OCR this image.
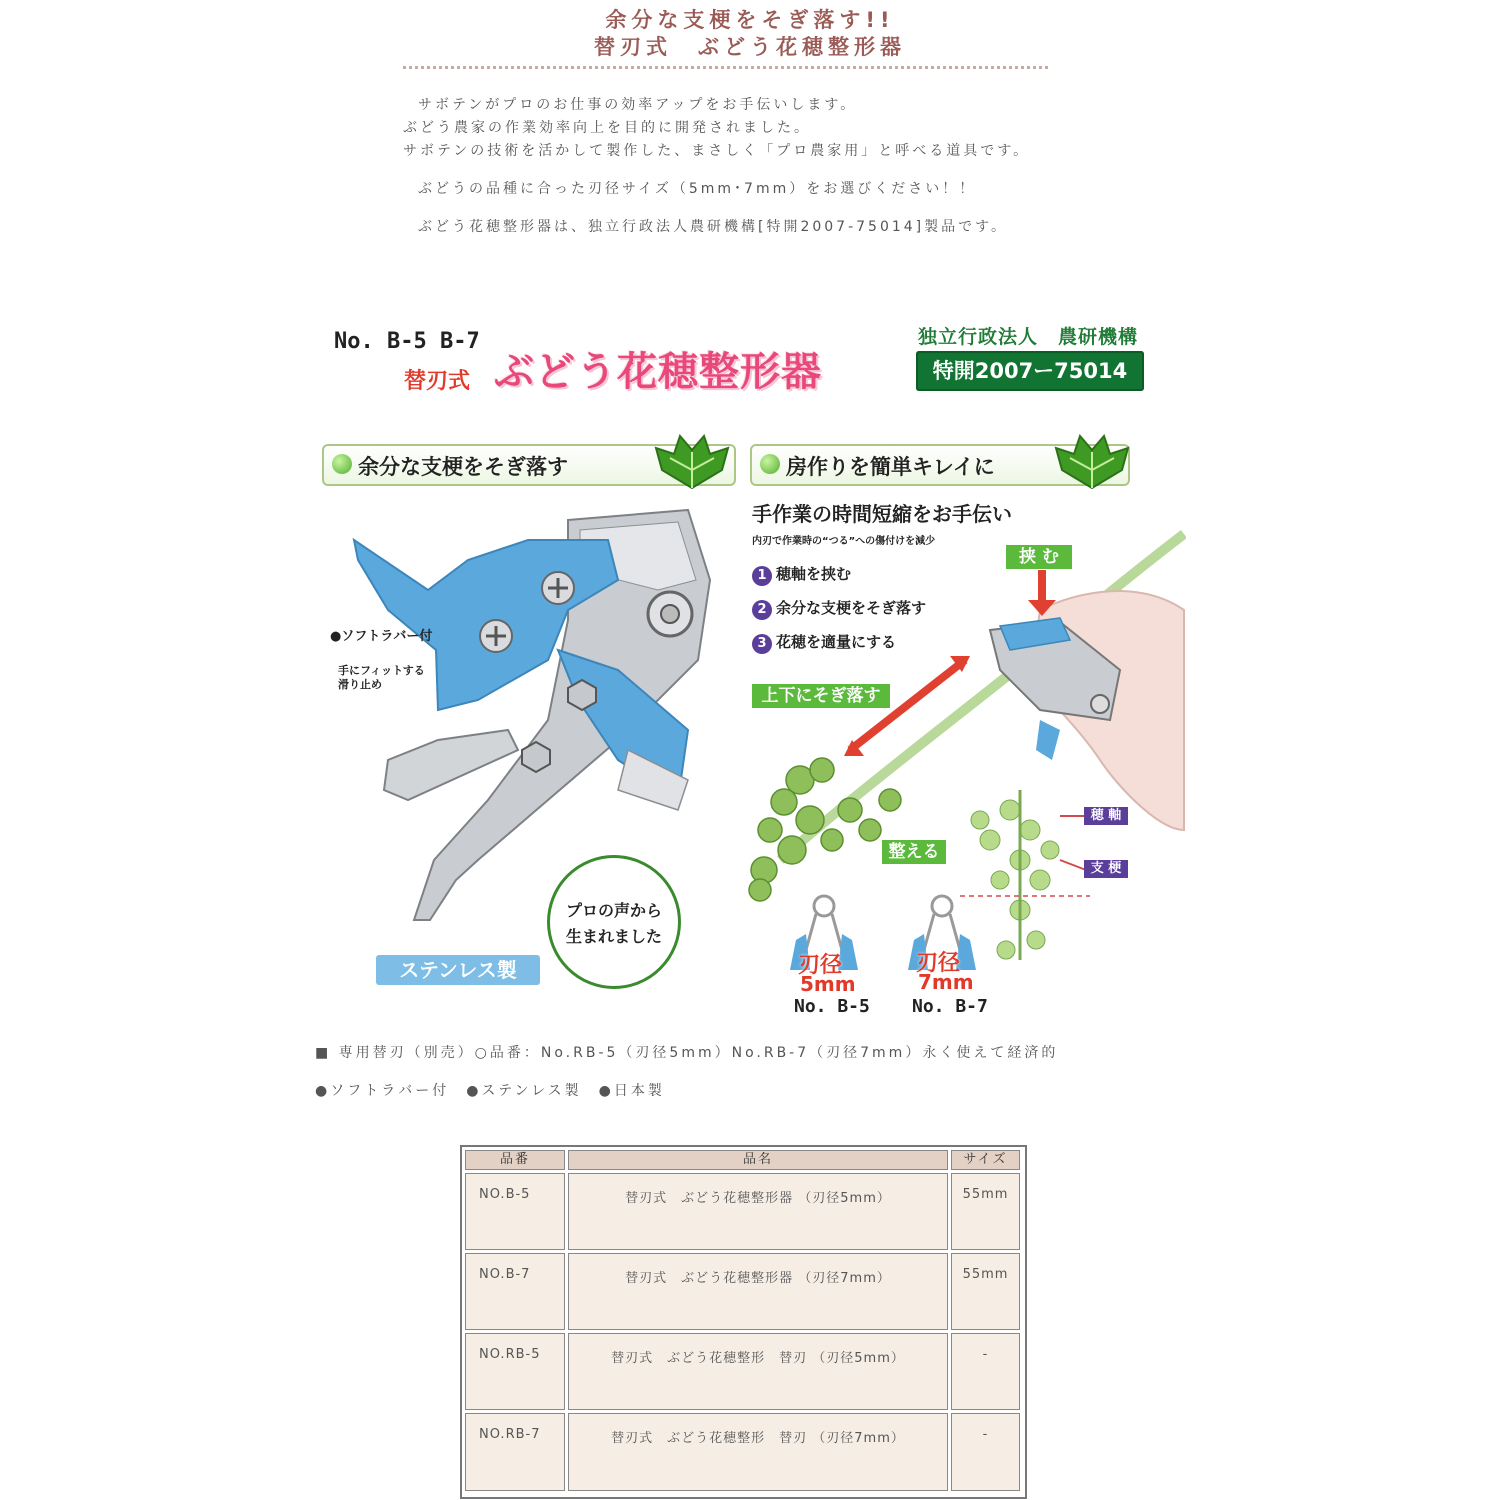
余分な支梗をそぎ落す!!
替刃式　ぶどう花穂整形器
サボテンがプロのお仕事の効率アップをお手伝いします。
ぶどう農家の作業効率向上を目的に開発されました。
サボテンの技術を活かして製作した、まさしく「プロ農家用」と呼べる道具です。
ぶどうの品種に合った刃径サイズ（5mm･7mm）をお選びください！！
ぶどう花穂整形器は、独立行政法人農研機構[特開2007-75014]製品です。
No. B-5 B-7
替刃式 ぶどう花穂整形器
独立行政法人　農研機構
特開2007ー75014
余分な支梗をそぎ落す	房作りを簡単キレイに
●ソフトラバー付
手にフィットする
滑り止め
プロの声から
生まれました
ステンレス製
手作業の時間短縮をお手伝い
内刃で作業時の“つる”への傷付けを減少
1 穂軸を挟む
2 余分な支梗をそぎ落す
3 花穂を適量にする
挟 む
上下にそぎ落す
整える
穂 軸
支 梗
刃径
5mm
No. B-5
刃径
7mm
No. B-7
■ 専用替刃（別売）○品番：No.RB-5（刃径5mm）No.RB-7（刃径7mm）永く使えて経済的
●ソフトラバー付　●ステンレス製　●日本製
品番	品名	サイズ
NO.B-5	替刃式　ぶどう花穂整形器 （刃径5mm）	55mm
NO.B-7	替刃式　ぶどう花穂整形器 （刃径7mm）	55mm
NO.RB-5	替刃式　ぶどう花穂整形　替刃 （刃径5mm）	-
NO.RB-7	替刃式　ぶどう花穂整形　替刃 （刃径7mm）	-
